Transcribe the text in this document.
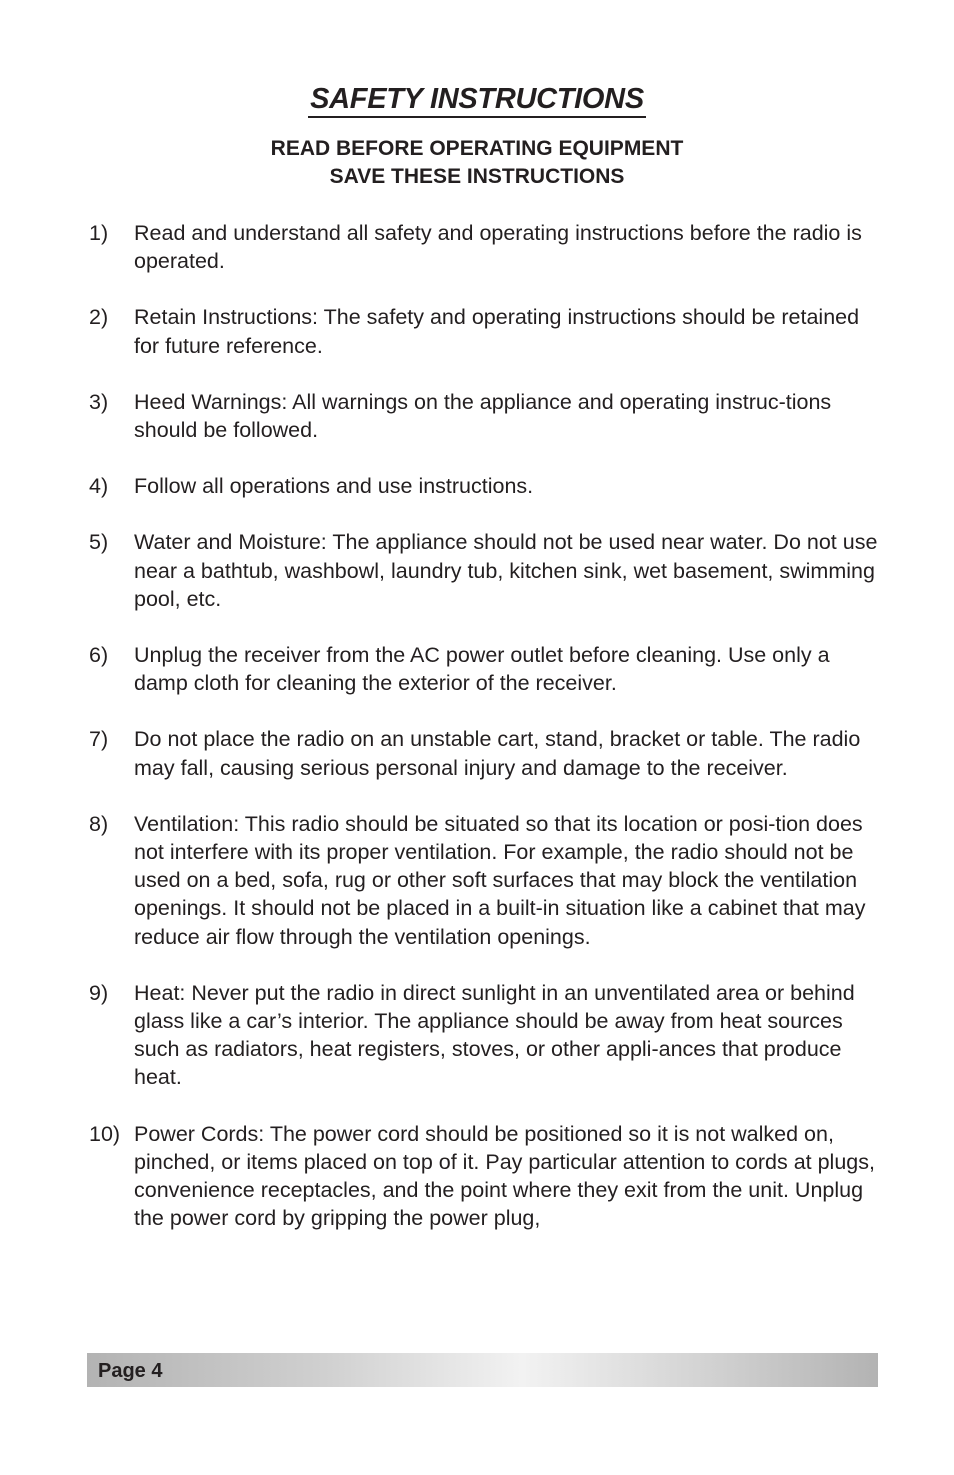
SAFETY INSTRUCTIONS
READ BEFORE OPERATING EQUIPMENT
SAVE THESE INSTRUCTIONS
1) Read and understand all safety and operating instructions before the radio is operated.
2) Retain Instructions: The safety and operating instructions should be retained for future reference.
3) Heed Warnings: All warnings on the appliance and operating instruc-tions should be followed.
4) Follow all operations and use instructions.
5) Water and Moisture: The appliance should not be used near water. Do not use near a bathtub, washbowl, laundry tub, kitchen sink, wet basement, swimming pool, etc.
6) Unplug the receiver from the AC power outlet before cleaning. Use only a damp cloth for cleaning the exterior of the receiver.
7) Do not place the radio on an unstable cart, stand, bracket or table. The radio may fall, causing serious personal injury and damage to the receiver.
8) Ventilation: This radio should be situated so that its location or posi-tion does not interfere with its proper ventilation. For example, the radio should not be used on a bed, sofa, rug or other soft surfaces that may block the ventilation openings. It should not be placed in a built-in situation like a cabinet that may reduce air flow through the ventilation openings.
9) Heat: Never put the radio in direct sunlight in an unventilated area or behind glass like a car’s interior. The appliance should be away from heat sources such as radiators, heat registers, stoves, or other appli-ances that produce heat.
10) Power Cords: The power cord should be positioned so it is not walked on, pinched, or items placed on top of it. Pay particular attention to cords at plugs, convenience receptacles, and the point where they exit from the unit. Unplug the power cord by gripping the power plug,
Page 4
